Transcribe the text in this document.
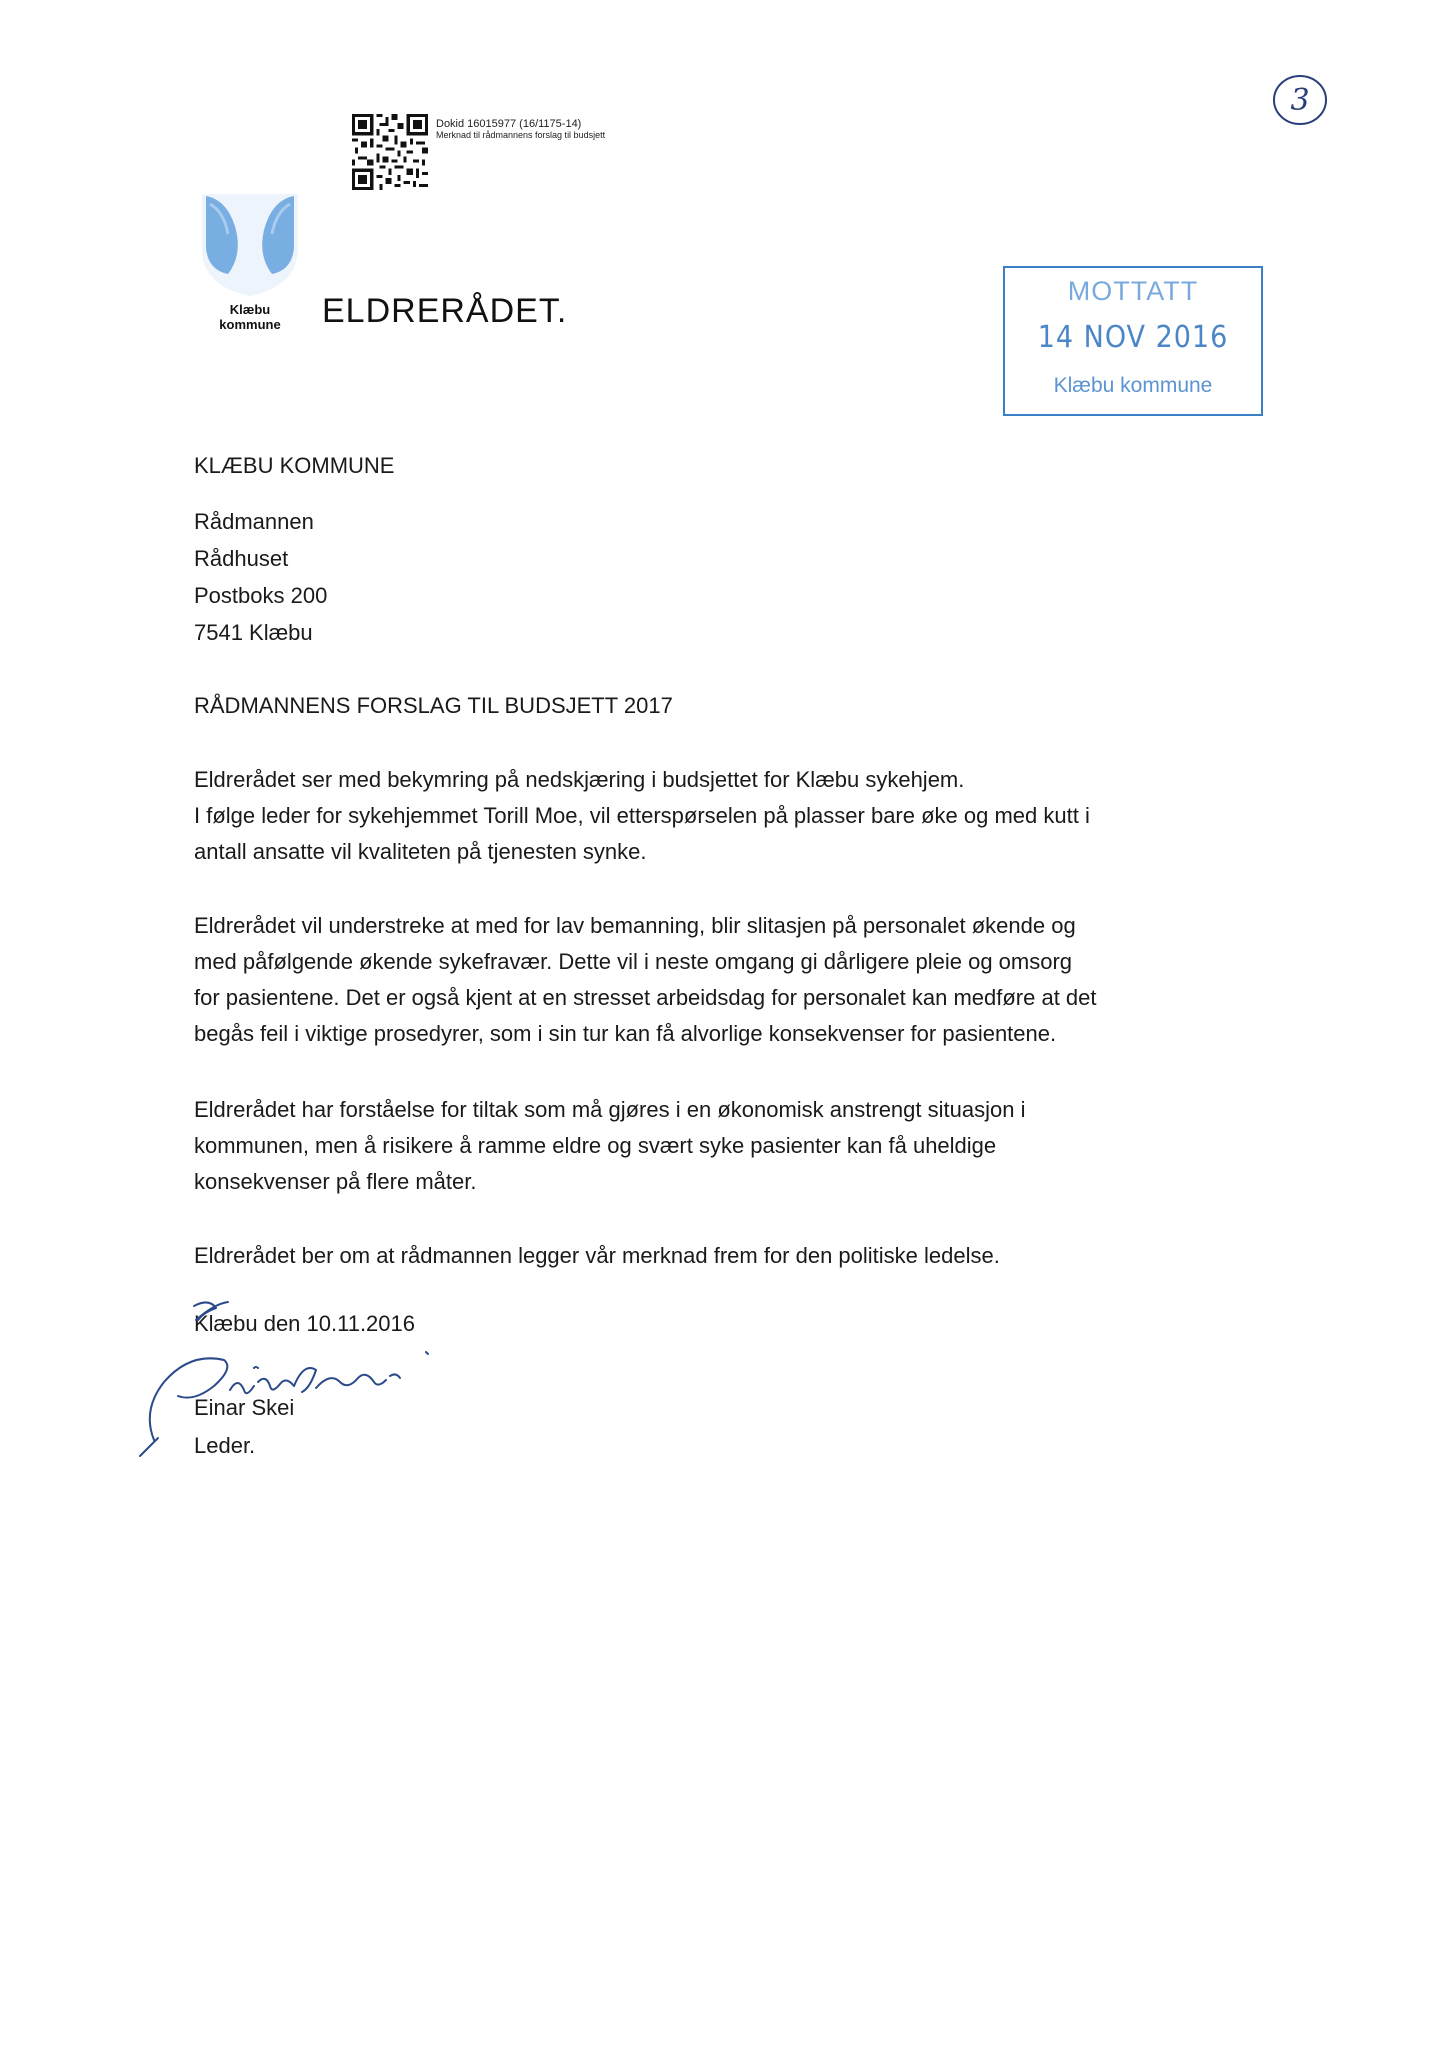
3
Dokid 16015977 (16/1175-14)
Merknad til rådmannens forslag til budsjett
Klæbu
kommune	ELDRERÅDET.
MOTTATT
14 NOV 2016
Klæbu kommune
KLÆBU KOMMUNE
Rådmannen
Rådhuset
Postboks 200
7541 Klæbu
RÅDMANNENS FORSLAG TIL BUDSJETT 2017
Eldrerådet ser med bekymring på nedskjæring i budsjettet for Klæbu sykehjem.
I følge leder for sykehjemmet Torill Moe, vil etterspørselen på plasser bare øke og med kutt i
antall ansatte vil kvaliteten på tjenesten synke.
Eldrerådet vil understreke at med for lav bemanning, blir slitasjen på personalet økende og
med påfølgende økende sykefravær. Dette vil i neste omgang gi dårligere pleie og omsorg
for pasientene. Det er også kjent at en stresset arbeidsdag for personalet kan medføre at det
begås feil i viktige prosedyrer, som i sin tur kan få alvorlige konsekvenser for pasientene.
Eldrerådet har forståelse for tiltak som må gjøres i en økonomisk anstrengt situasjon i
kommunen, men å risikere å ramme eldre og svært syke pasienter kan få uheldige
konsekvenser på flere måter.
Eldrerådet ber om at rådmannen legger vår merknad frem for den politiske ledelse.
Klæbu den 10.11.2016
Einar Skei
Leder.
